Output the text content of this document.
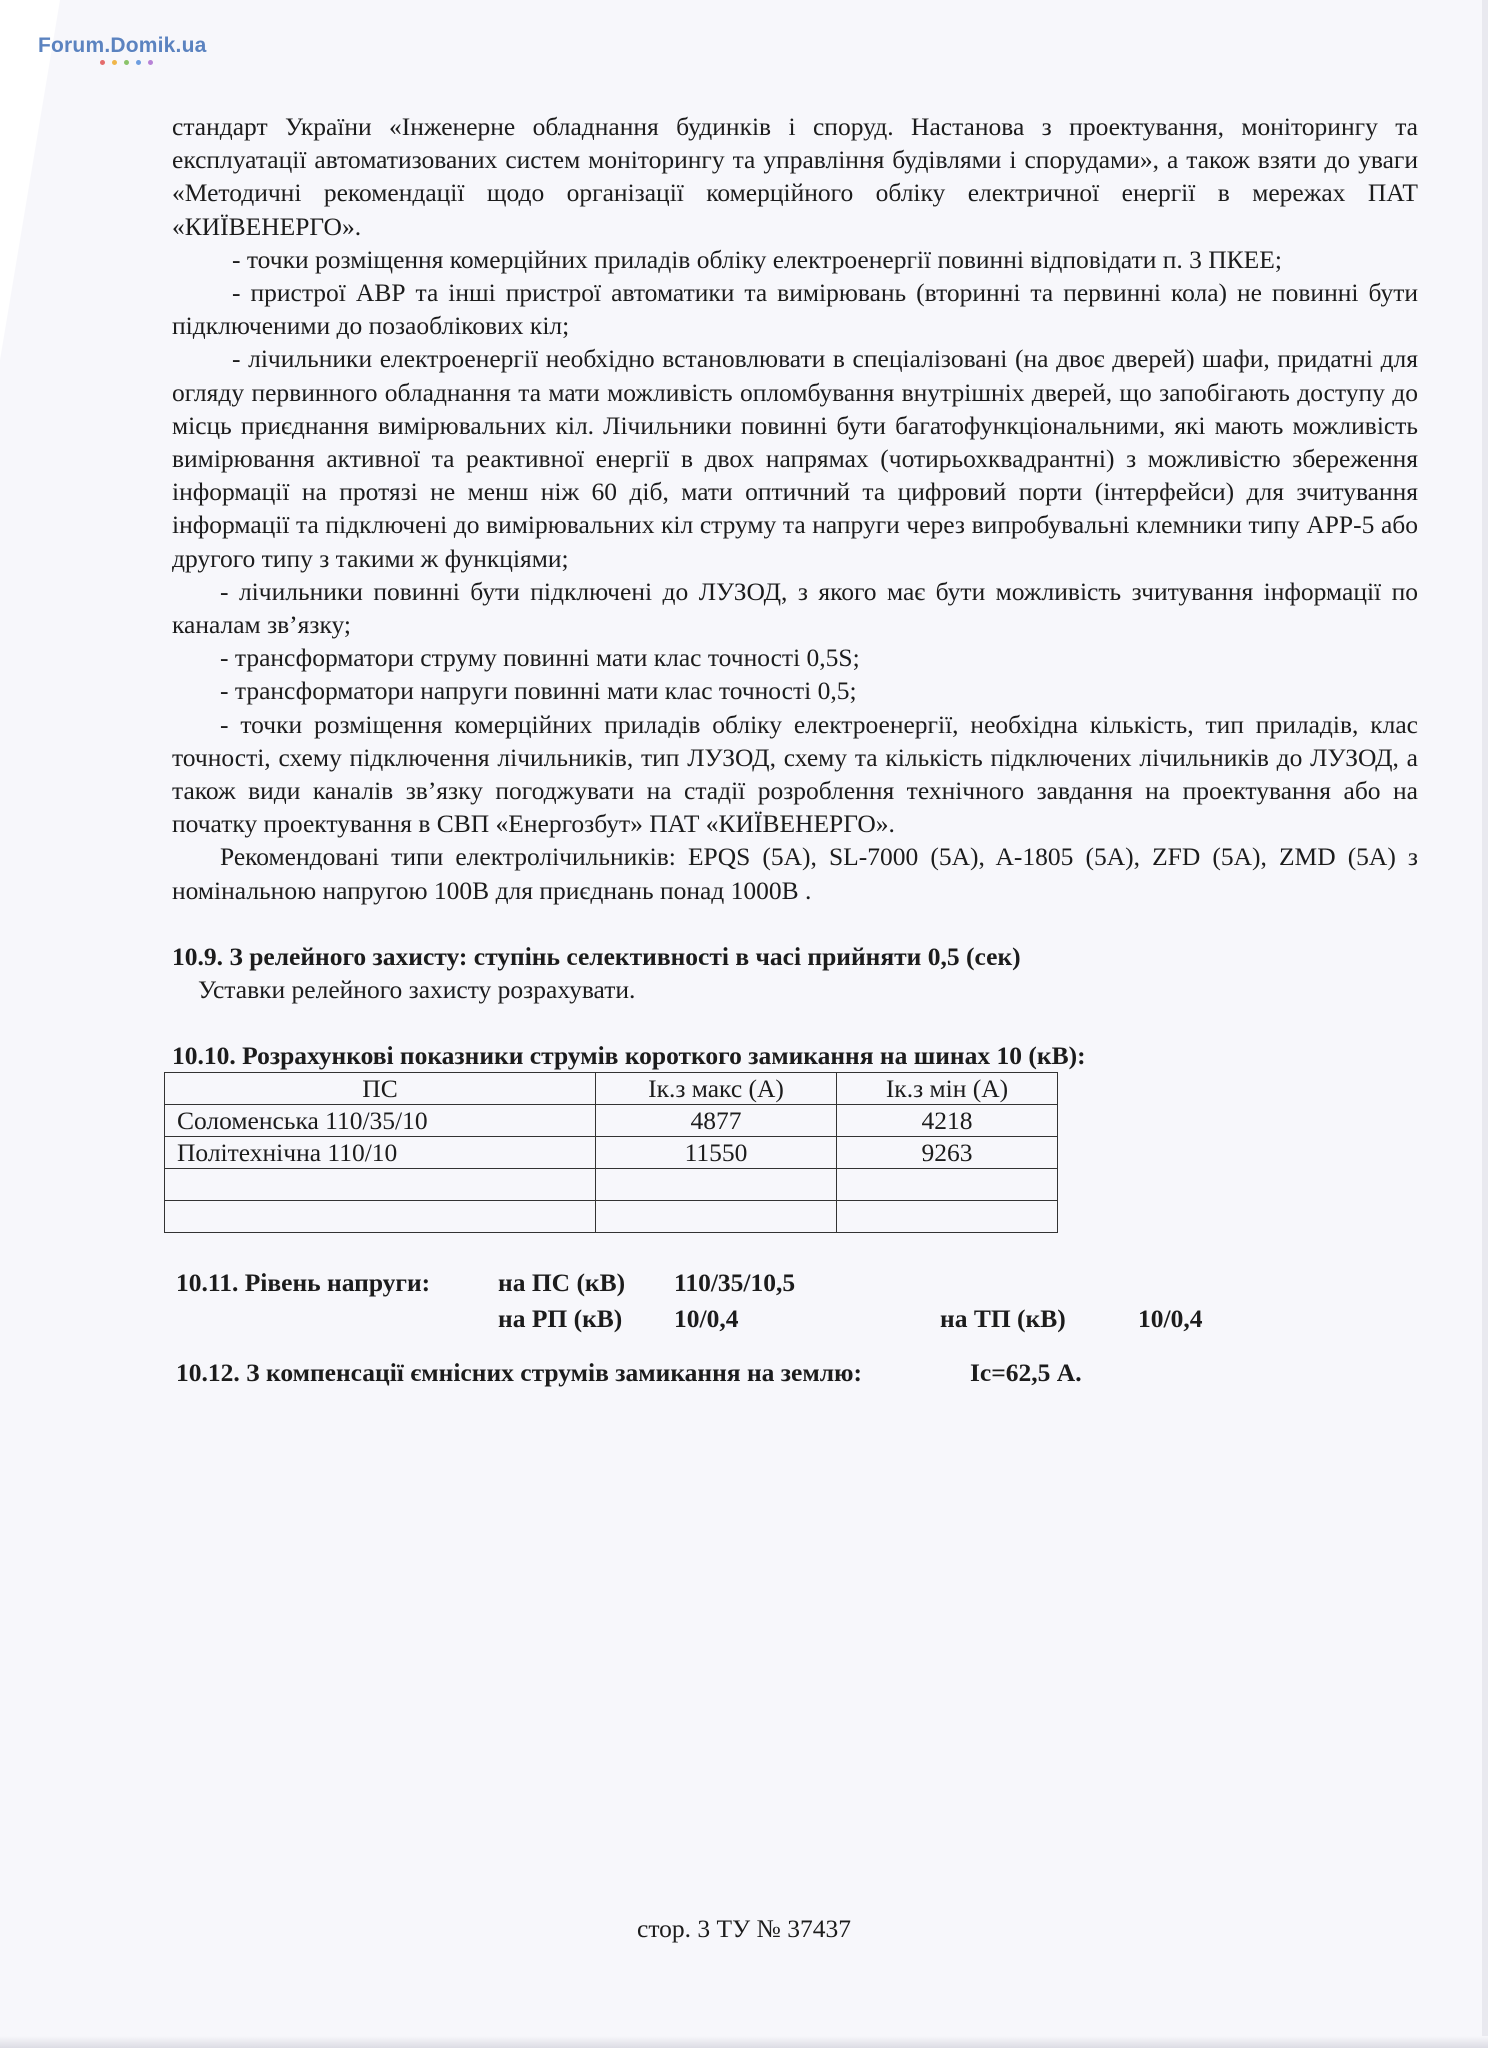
Forum.Domik.ua

стандарт України «Інженерне обладнання будинків і споруд. Настанова з проектування, моніторингу та експлуатації автоматизованих систем моніторингу та управління будівлями і спорудами», а також взяти до уваги «Методичні рекомендації щодо організації комерційного обліку електричної енергії в мережах ПАТ «КИЇВЕНЕРГО».

- точки розміщення комерційних приладів обліку електроенергії повинні відповідати п. 3 ПКЕЕ;

- пристрої АВР та інші пристрої автоматики та вимірювань (вторинні та первинні кола) не повинні бути підключеними до позаоблікових кіл;

- лічильники електроенергії необхідно встановлювати в спеціалізовані (на двоє дверей) шафи, придатні для огляду первинного обладнання та мати можливість опломбування внутрішніх дверей, що запобігають доступу до місць приєднання вимірювальних кіл. Лічильники повинні бути багатофункціональними, які мають можливість вимірювання активної та реактивної енергії в двох напрямах (чотирьохквадрантні) з можливістю збереження інформації на протязі не менш ніж 60 діб, мати оптичний та цифровий порти (інтерфейси) для зчитування інформації та підключені до вимірювальних кіл струму та напруги через випробувальні клемники типу АРР-5 або другого типу з такими ж функціями;

- лічильники повинні бути підключені до ЛУЗОД, з якого має бути можливість зчитування інформації по каналам зв’язку;

- трансформатори струму повинні мати клас точності 0,5S;

- трансформатори напруги повинні мати клас точності 0,5;

- точки розміщення комерційних приладів обліку електроенергії, необхідна кількість, тип приладів, клас точності, схему підключення лічильників, тип ЛУЗОД, схему та кількість підключених лічильників до ЛУЗОД, а також види каналів зв’язку погоджувати на стадії розроблення технічного завдання на проектування або на початку проектування в СВП «Енергозбут» ПАТ «КИЇВЕНЕРГО».

Рекомендовані типи електролічильників: EPQS (5A), SL-7000 (5A), A-1805 (5A), ZFD (5A), ZMD (5A) з номінальною напругою 100В для приєднань понад 1000В .

10.9. З релейного захисту: ступінь селективності в часі прийняти 0,5 (сек)

Уставки релейного захисту розрахувати.

10.10. Розрахункові показники струмів короткого замикання на шинах 10 (кВ):

ПС	Ік.з макс (А)	Ік.з мін (А)
Соломенська 110/35/10	4877	4218
Політехнічна 110/10	11550	9263

10.11. Рівень напруги:	на ПС (кВ) 110/35/10,5
на РП (кВ) 10/0,4	на ТП (кВ)	10/0,4
10.12. З компенсації ємнісних струмів замикання на землю:	Іс=62,5 А.
стор. 3 ТУ № 37437
